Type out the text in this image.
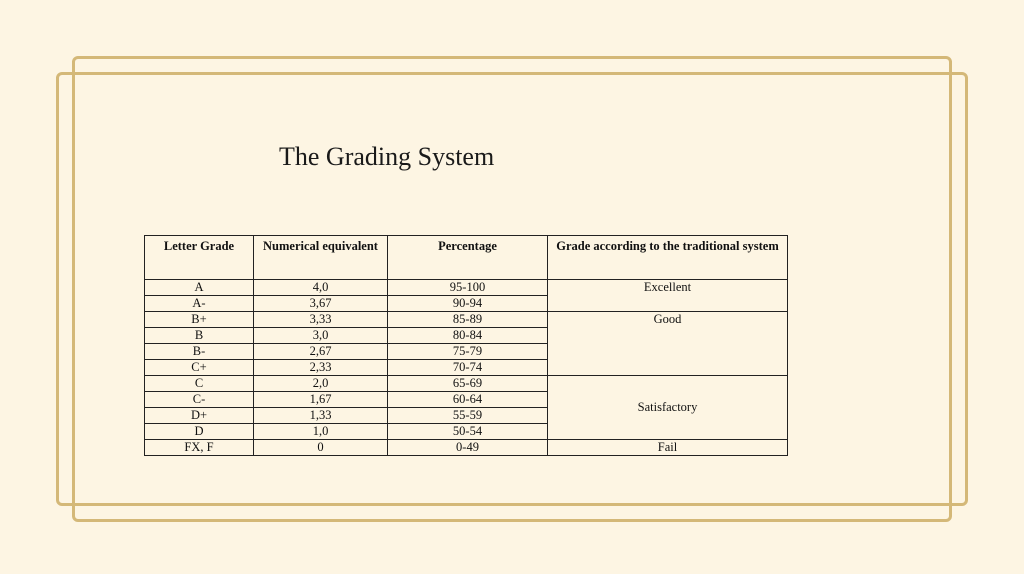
The Grading System
Letter Grade	Numerical equivalent	Percentage	Grade according to the traditional system
A	4,0	95-100	Excellent
A-	3,67	90-94	
B+	3,33	85-89	Good
B	3,0	80-84	
B-	2,67	75-79	
C+	2,33	70-74	
C	2,0	65-69	Satisfactory
C-	1,67	60-64	
D+	1,33	55-59	
D	1,0	50-54	
FX, F	0	0-49	Fail
